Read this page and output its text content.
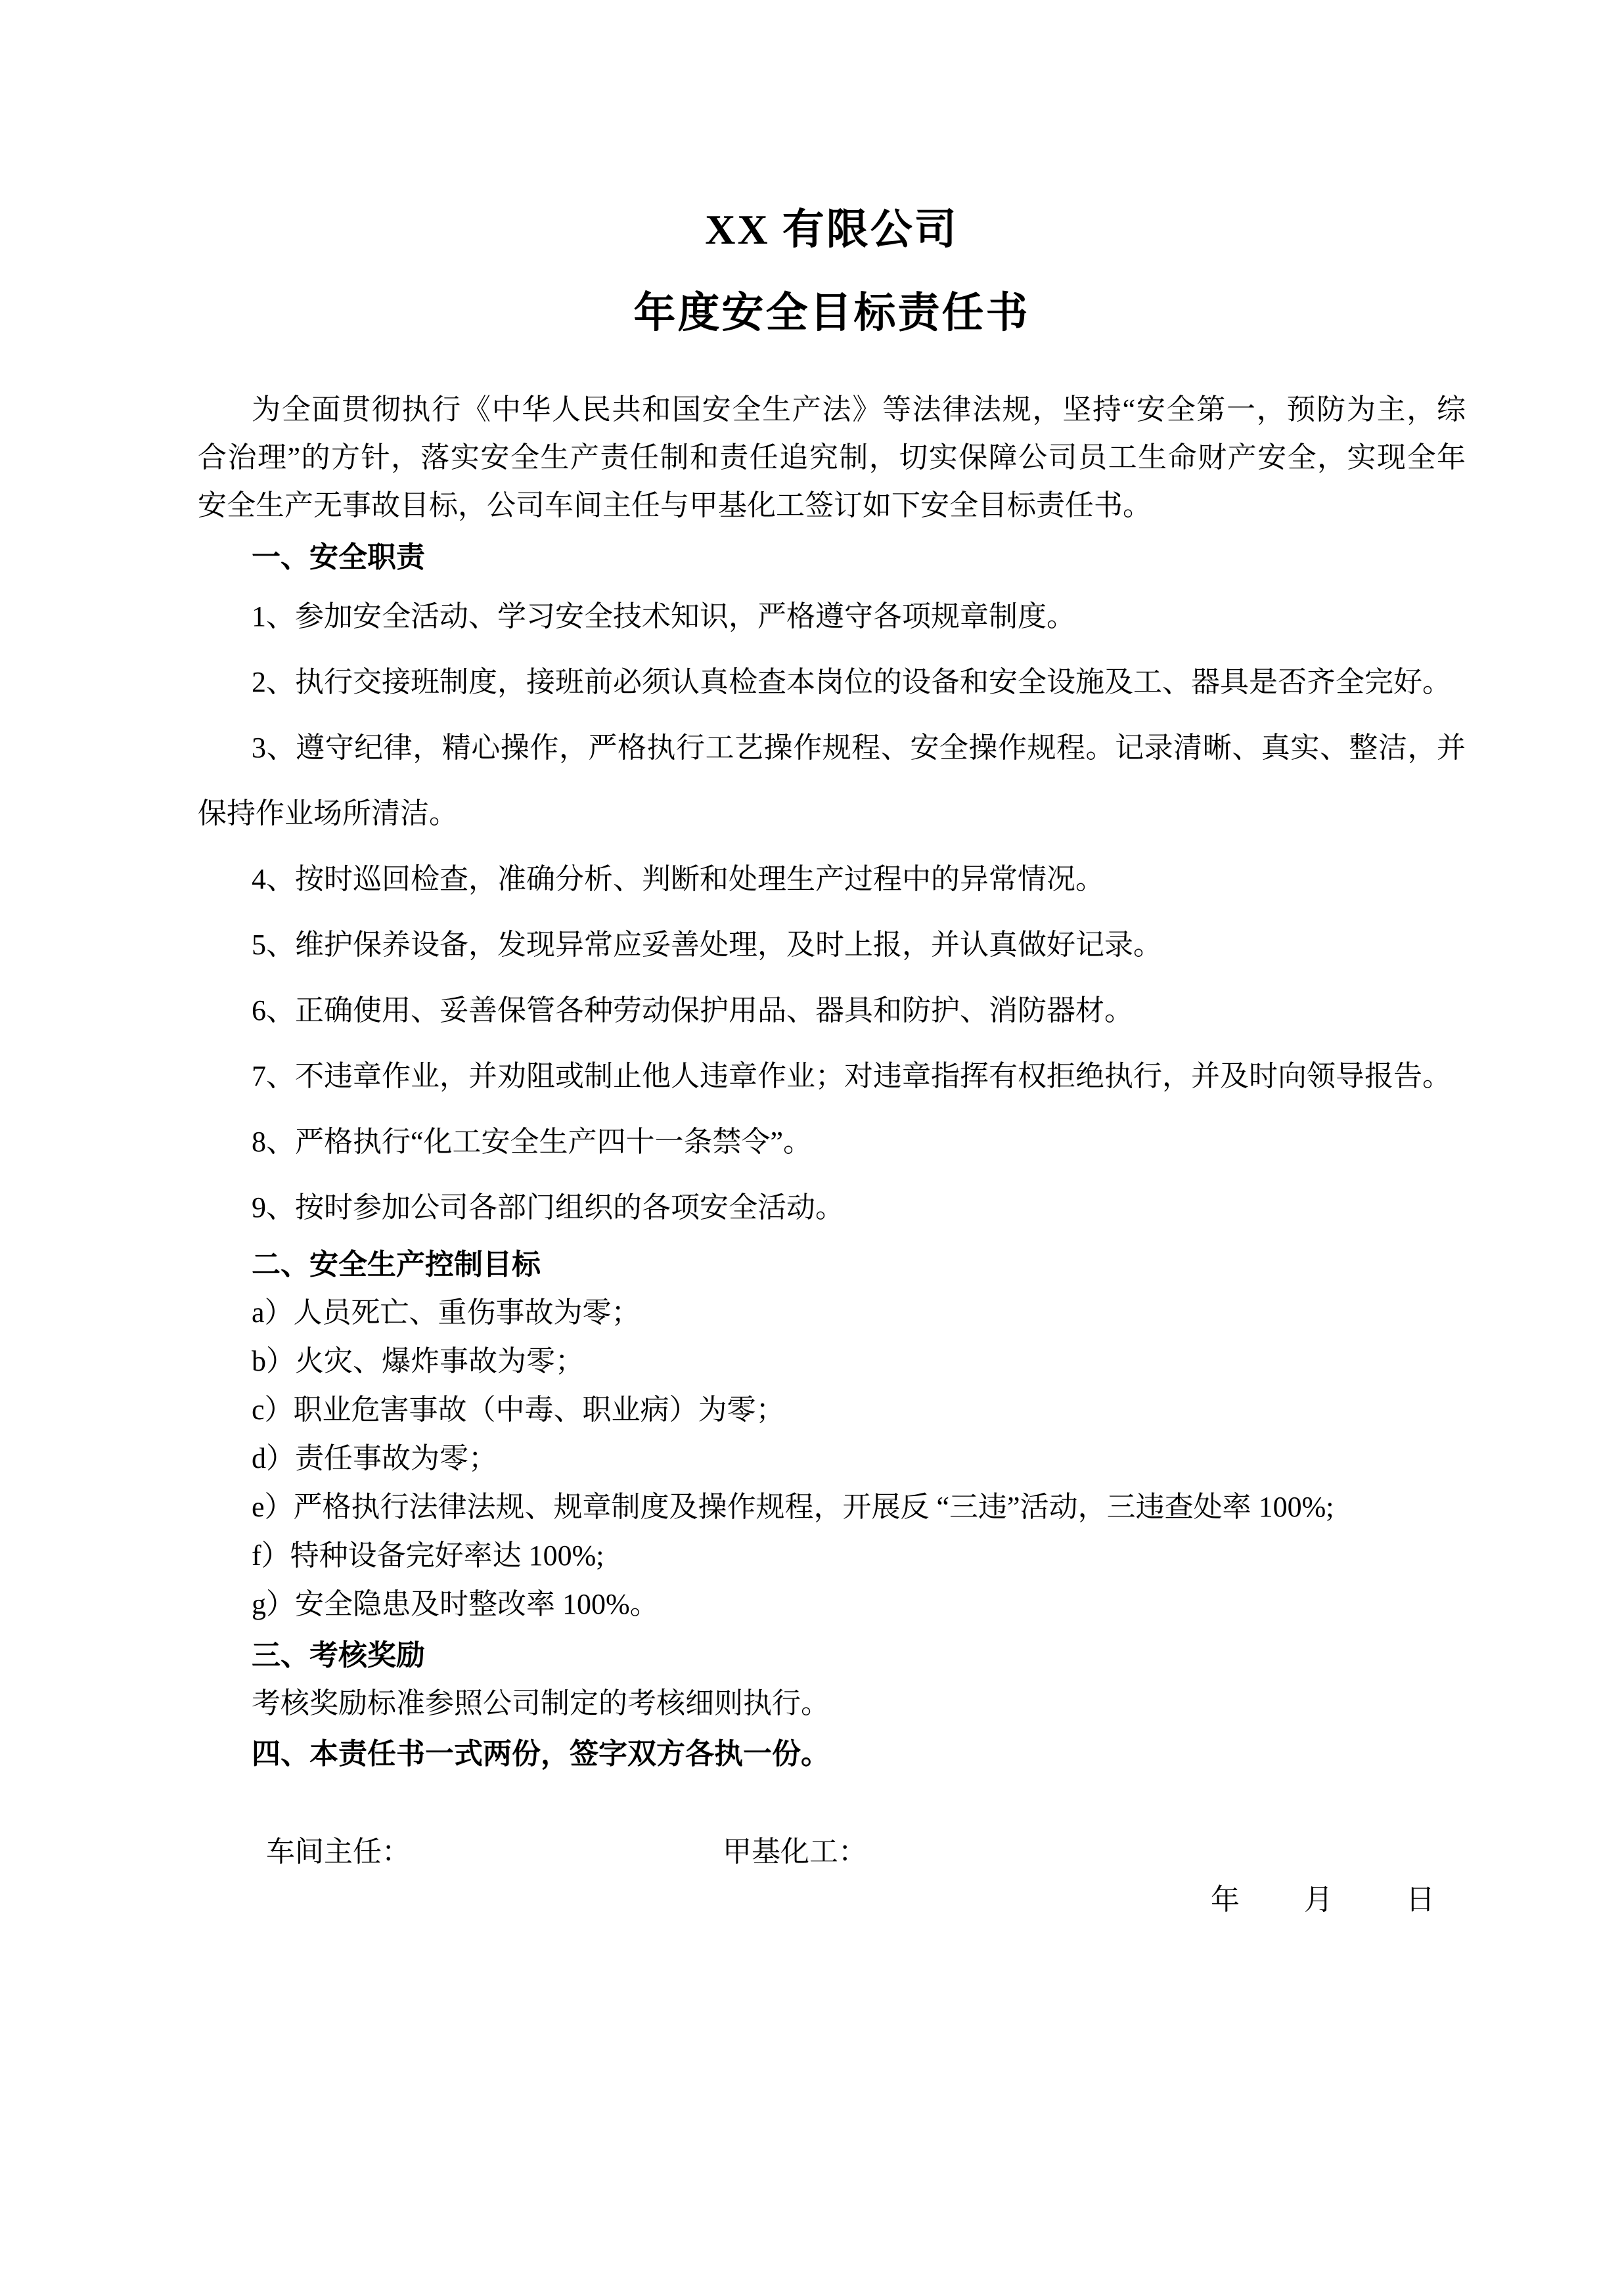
XX 有限公司
年度安全目标责任书
为全面贯彻执行《中华人民共和国安全生产法》等法律法规，坚持“安全第一，预防为主，综
合治理”的方针，落实安全生产责任制和责任追究制，切实保障公司员工生命财产安全，实现全年
安全生产无事故目标，公司车间主任与甲基化工签订如下安全目标责任书。
一、安全职责
1、参加安全活动、学习安全技术知识，严格遵守各项规章制度。
2、执行交接班制度，接班前必须认真检查本岗位的设备和安全设施及工、器具是否齐全完好。
3、遵守纪律，精心操作，严格执行工艺操作规程、安全操作规程。记录清晰、真实、整洁，并
保持作业场所清洁。
4、按时巡回检查，准确分析、判断和处理生产过程中的异常情况。
5、维护保养设备，发现异常应妥善处理，及时上报，并认真做好记录。
6、正确使用、妥善保管各种劳动保护用品、器具和防护、消防器材。
7、不违章作业，并劝阻或制止他人违章作业；对违章指挥有权拒绝执行，并及时向领导报告。
8、严格执行“化工安全生产四十一条禁令”。
9、按时参加公司各部门组织的各项安全活动。
二、安全生产控制目标
a）人员死亡、重伤事故为零；
b）火灾、爆炸事故为零；
c）职业危害事故（中毒、职业病）为零；
d）责任事故为零；
e）严格执行法律法规、规章制度及操作规程，开展反 “三违”活动，三违查处率 100%;
f）特种设备完好率达 100%;
g）安全隐患及时整改率 100%。
三、考核奖励
考核奖励标准参照公司制定的考核细则执行。
四、本责任书一式两份，签字双方各执一份。
车间主任：	甲基化工：
年 月	日
